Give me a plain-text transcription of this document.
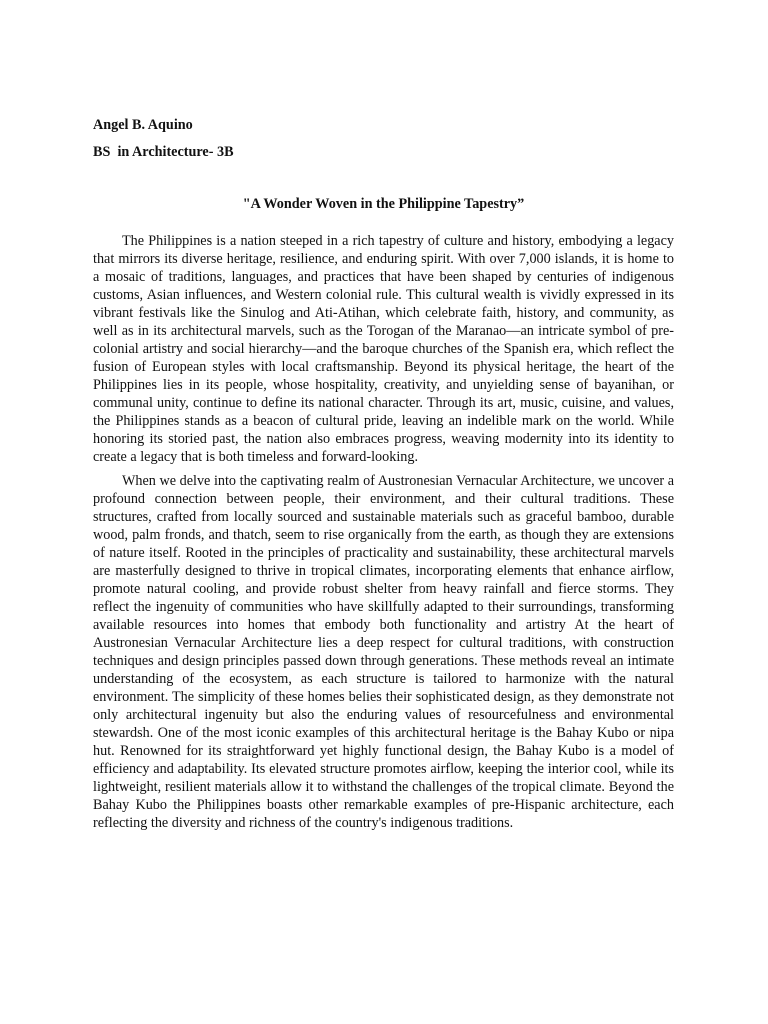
Angel B. Aquino

BS  in Architecture- 3B

"A Wonder Woven in the Philippine Tapestry”

The Philippines is a nation steeped in a rich tapestry of culture and history, embodying a legacy that mirrors its diverse heritage, resilience, and enduring spirit. With over 7,000 islands, it is home to a mosaic of traditions, languages, and practices that have been shaped by centuries of indigenous customs, Asian influences, and Western colonial rule. This cultural wealth is vividly expressed in its vibrant festivals like the Sinulog and Ati-Atihan, which celebrate faith, history, and community, as well as in its architectural marvels, such as the Torogan of the Maranao—an intricate symbol of pre-colonial artistry and social hierarchy—and the baroque churches of the Spanish era, which reflect the fusion of European styles with local craftsmanship. Beyond its physical heritage, the heart of the Philippines lies in its people, whose hospitality, creativity, and unyielding sense of bayanihan, or communal unity, continue to define its national character. Through its art, music, cuisine, and values, the Philippines stands as a beacon of cultural pride, leaving an indelible mark on the world. While honoring its storied past, the nation also embraces progress, weaving modernity into its identity to create a legacy that is both timeless and forward-looking.

When we delve into the captivating realm of Austronesian Vernacular Architecture, we uncover a profound connection between people, their environment, and their cultural traditions. These structures, crafted from locally sourced and sustainable materials such as graceful bamboo, durable wood, palm fronds, and thatch, seem to rise organically from the earth, as though they are extensions of nature itself. Rooted in the principles of practicality and sustainability, these architectural marvels are masterfully designed to thrive in tropical climates, incorporating elements that enhance airflow, promote natural cooling, and provide robust shelter from heavy rainfall and fierce storms. They reflect the ingenuity of communities who have skillfully adapted to their surroundings, transforming available resources into homes that embody both functionality and artistry At the heart of Austronesian Vernacular Architecture lies a deep respect for cultural traditions, with construction techniques and design principles passed down through generations. These methods reveal an intimate understanding of the ecosystem, as each structure is tailored to harmonize with the natural environment. The simplicity of these homes belies their sophisticated design, as they demonstrate not only architectural ingenuity but also the enduring values of resourcefulness and environmental stewardsh. One of the most iconic examples of this architectural heritage is the Bahay Kubo or nipa hut. Renowned for its straightforward yet highly functional design, the Bahay Kubo is a model of efficiency and adaptability. Its elevated structure promotes airflow, keeping the interior cool, while its lightweight, resilient materials allow it to withstand the challenges of the tropical climate. Beyond the Bahay Kubo the Philippines boasts other remarkable examples of pre-Hispanic architecture, each reflecting the diversity and richness of the country's indigenous traditions.
